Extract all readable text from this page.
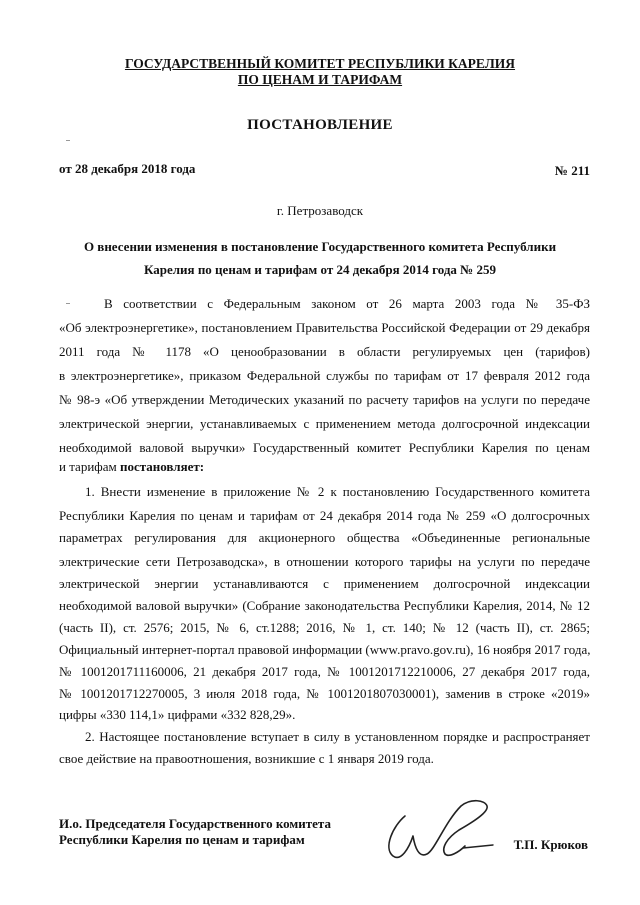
ГОСУДАРСТВЕННЫЙ КОМИТЕТ РЕСПУБЛИКИ КАРЕЛИЯ
ПО ЦЕНАМ И ТАРИФАМ
ПОСТАНОВЛЕНИЕ
от 28 декабря 2018 года	№ 211
г. Петрозаводск
О внесении изменения в постановление Государственного комитета Республики
Карелия по ценам и тарифам от 24 декабря 2014 года № 259
В соответствии с Федеральным законом от 26 марта 2003 года № 35-ФЗ
«Об электроэнергетике», постановлением Правительства Российской Федерации от 29 декабря
2011 года № 1178 «О ценообразовании в области регулируемых цен (тарифов)
в электроэнергетике», приказом Федеральной службы по тарифам от 17 февраля 2012 года
№ 98-э «Об утверждении Методических указаний по расчету тарифов на услуги по передаче
электрической энергии, устанавливаемых с применением метода долгосрочной индексации
необходимой валовой выручки» Государственный комитет Республики Карелия по ценам
и тарифам постановляет:
1. Внести изменение в приложение № 2 к постановлению Государственного комитета
Республики Карелия по ценам и тарифам от 24 декабря 2014 года № 259 «О долгосрочных
параметрах регулирования для акционерного общества «Объединенные региональные
электрические сети Петрозаводска», в отношении которого тарифы на услуги по передаче
электрической энергии устанавливаются с применением долгосрочной индексации
необходимой валовой выручки» (Собрание законодательства Республики Карелия, 2014, № 12
(часть II), ст. 2576; 2015, № 6, ст.1288; 2016, № 1, ст. 140; № 12 (часть II), ст. 2865;
Официальный интернет-портал правовой информации (www.pravo.gov.ru), 16 ноября 2017 года,
№ 1001201711160006, 21 декабря 2017 года, № 1001201712210006, 27 декабря 2017 года,
№ 1001201712270005, 3 июля 2018 года, № 1001201807030001), заменив в строке «2019»
цифры «330 114,1» цифрами «332 828,29».
2. Настоящее постановление вступает в силу в установленном порядке и распространяет
свое действие на правоотношения, возникшие с 1 января 2019 года.
И.о. Председателя Государственного комитета
Республики Карелия по ценам и тарифам	Т.П. Крюков
